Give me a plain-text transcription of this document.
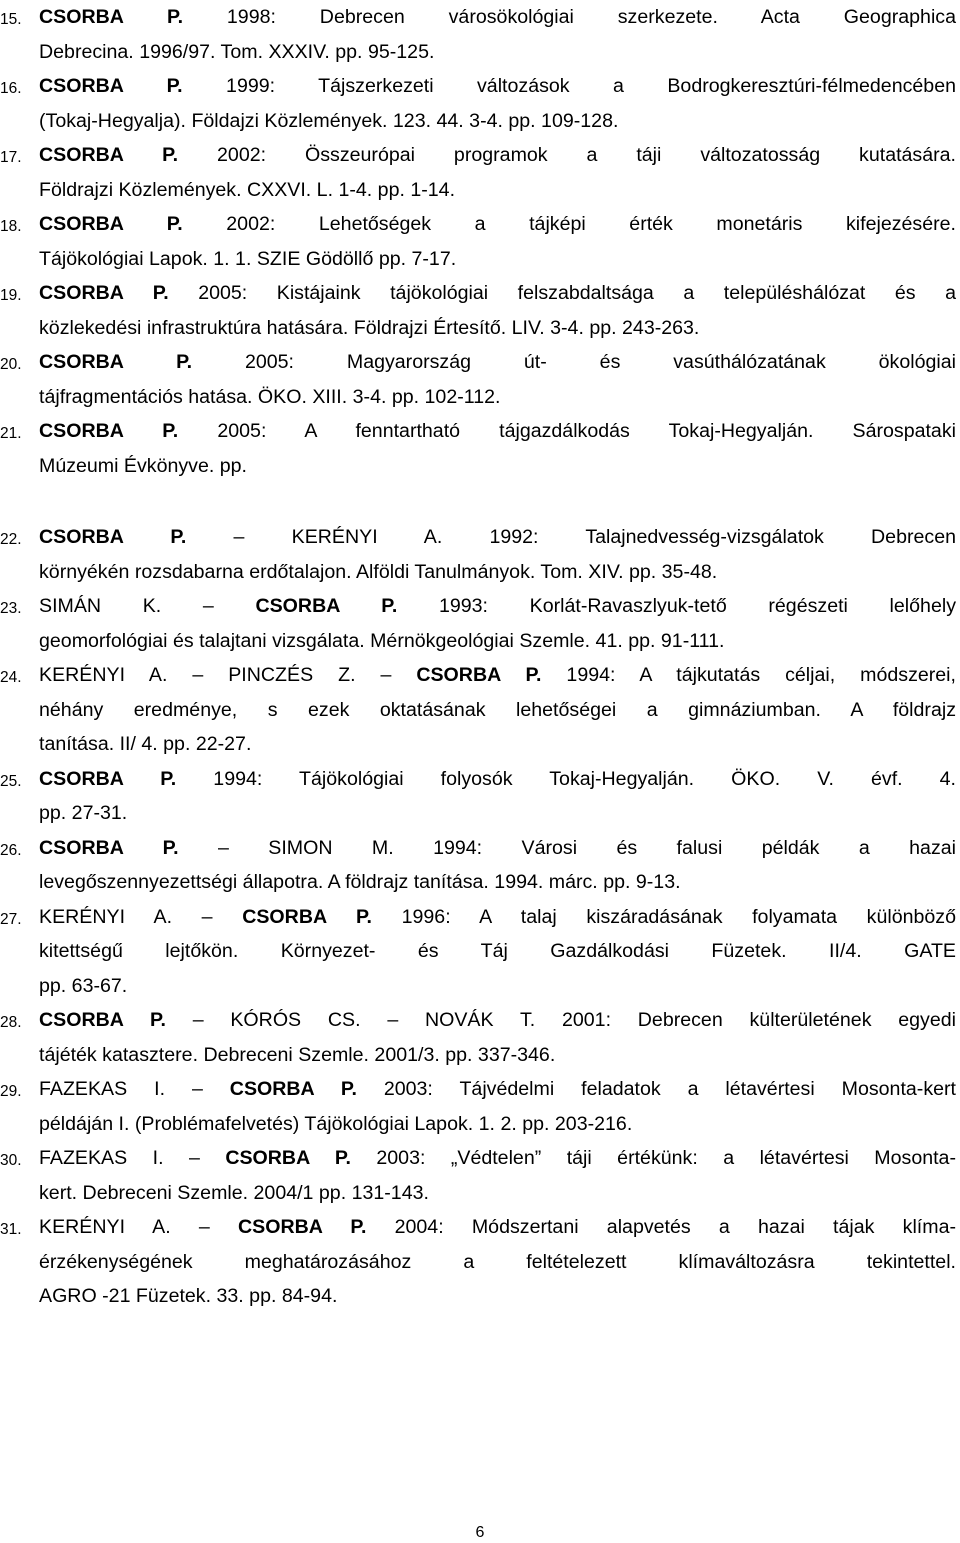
15. CSORBA P. 1998: Debrecen városökológiai szerkezete. Acta Geographica
Debrecina. 1996/97. Tom. XXXIV. pp. 95-125.
16. CSORBA P. 1999: Tájszerkezeti változások a Bodrogkeresztúri-félmedencében
(Tokaj-Hegyalja). Földajzi Közlemények. 123. 44. 3-4. pp. 109-128.
17. CSORBA P. 2002: Összeurópai programok a táji változatosság kutatására.
Földrajzi Közlemények. CXXVI. L. 1-4. pp. 1-14.
18. CSORBA P. 2002: Lehetőségek a tájképi érték monetáris kifejezésére.
Tájökológiai Lapok. 1. 1. SZIE Gödöllő pp. 7-17.
19. CSORBA P. 2005: Kistájaink tájökológiai felszabdaltsága a településhálózat és a
közlekedési infrastruktúra hatására. Földrajzi Értesítő. LIV. 3-4. pp. 243-263.
20. CSORBA P. 2005: Magyarország út- és vasúthálózatának ökológiai
tájfragmentációs hatása. ÖKO. XIII. 3-4. pp. 102-112.
21. CSORBA P. 2005: A fenntartható tájgazdálkodás Tokaj-Hegyalján. Sárospataki
Múzeumi Évkönyve. pp.
22. CSORBA P. – KERÉNYI A. 1992: Talajnedvesség-vizsgálatok Debrecen
környékén rozsdabarna erdőtalajon. Alföldi Tanulmányok. Tom. XIV. pp. 35-48.
23. SIMÁN K. – CSORBA P. 1993: Korlát-Ravaszlyuk-tető régészeti lelőhely
geomorfológiai és talajtani vizsgálata. Mérnökgeológiai Szemle. 41. pp. 91-111.
24. KERÉNYI A. – PINCZÉS Z. – CSORBA P. 1994: A tájkutatás céljai, módszerei,
néhány eredménye, s ezek oktatásának lehetőségei a gimnáziumban. A földrajz
tanítása. II/ 4. pp. 22-27.
25. CSORBA P. 1994: Tájökológiai folyosók Tokaj-Hegyalján. ÖKO. V. évf. 4.
pp. 27-31.
26. CSORBA P. – SIMON M. 1994: Városi és falusi példák a hazai
levegőszennyezettségi állapotra. A földrajz tanítása. 1994. márc. pp. 9-13.
27. KERÉNYI A. – CSORBA P. 1996: A talaj kiszáradásának folyamata különböző
kitettségű lejtőkön. Környezet- és Táj Gazdálkodási Füzetek. II/4. GATE
pp. 63-67.
28. CSORBA P. – KÓRÓS CS. – NOVÁK T. 2001: Debrecen külterületének egyedi
tájéték katasztere. Debreceni Szemle. 2001/3. pp. 337-346.
29. FAZEKAS I. – CSORBA P. 2003: Tájvédelmi feladatok a létavértesi Mosonta-kert
példáján I. (Problémafelvetés) Tájökológiai Lapok. 1. 2. pp. 203-216.
30. FAZEKAS I. – CSORBA P. 2003: „Védtelen” táji értékünk: a létavértesi Mosonta-
kert. Debreceni Szemle. 2004/1 pp. 131-143.
31. KERÉNYI A. – CSORBA P. 2004: Módszertani alapvetés a hazai tájak klíma-
érzékenységének meghatározásához a feltételezett klímaváltozásra tekintettel.
AGRO -21 Füzetek. 33. pp. 84-94.
6
